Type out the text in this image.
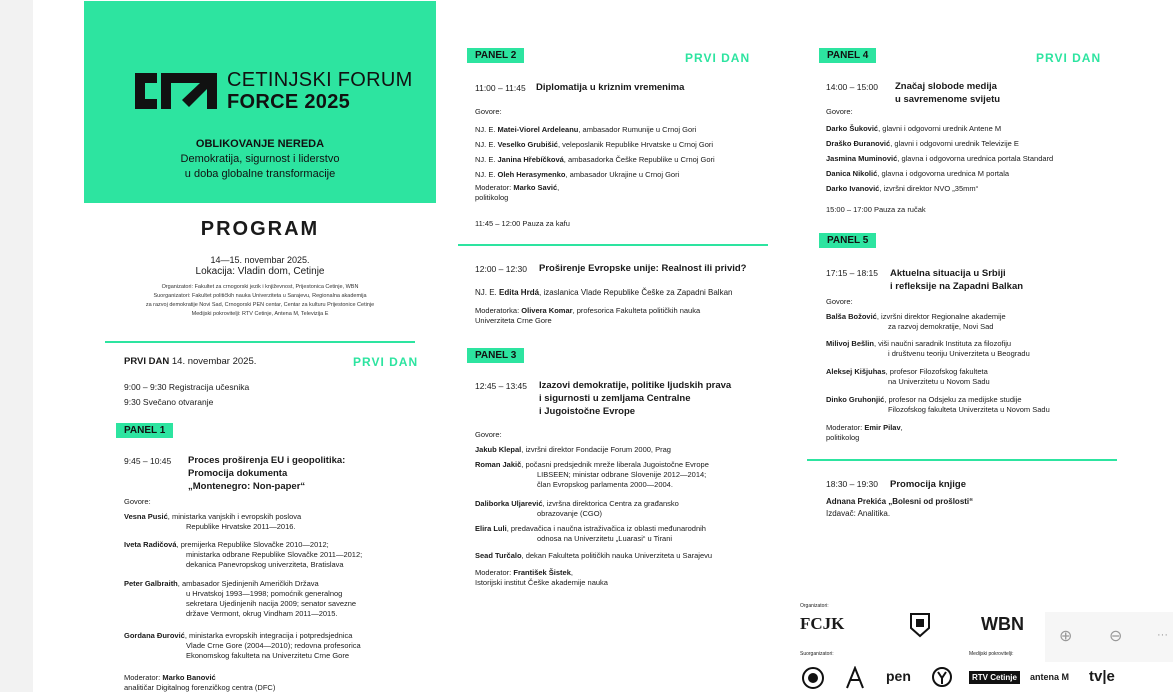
CETINJSKI FORUM
FORCE 2025
OBLIKOVANJE NEREDA
Demokratija, sigurnost i liderstvo
u doba globalne transformacije
PROGRAM
14—15. novembar 2025.
Lokacija: Vladin dom, Cetinje
Organizatori: Fakultet za crnogorski jezik i književnost, Prijestonica Cetinje, WBN
Suorganizatori: Fakultet političkih nauka Univerziteta u Sarajevu, Regionalna akademija
za razvoj demokratije Novi Sad, Crnogorski PEN centar, Centar za kulturu Prijestonice Cetinje
Medijski pokrovitelji: RTV Cetinje, Antena M, Televizija E
PRVI DAN 14. novembar 2025.	PRVI DAN
9:00 – 9:30 Registracija učesnika
9:30 Svečano otvaranje
PANEL 1
9:45 – 10:45 Proces proširenja EU i geopolitika:
Promocija dokumenta
„Montenegro: Non-paper“
Govore:
Vesna Pusić, ministarka vanjskih i evropskih poslova
Republike Hrvatske 2011—2016.
Iveta Radičová, premijerka Republike Slovačke 2010—2012;
ministarka odbrane Republike Slovačke 2011—2012;
dekanica Panevropskog univerziteta, Bratislava
Peter Galbraith, ambasador Sjedinjenih Američkih Država
u Hrvatskoj 1993—1998; pomoćnik generalnog
sekretara Ujedinjenih nacija 2009; senator savezne
države Vermont, okrug Vindham 2011—2015.
Gordana Đurović, ministarka evropskih integracija i potpredsjednica
Vlade Crne Gore (2004—2010); redovna profesorica
Ekonomskog fakulteta na Univerzitetu Crne Gore
Moderator: Marko Banović
analitičar Digitalnog forenzičkog centra (DFC)
PANEL 2	PRVI DAN
11:00 – 11:45 Diplomatija u kriznim vremenima
Govore:
NJ. E. Matei-Viorel Ardeleanu, ambasador Rumunije u Crnoj Gori
NJ. E. Veselko Grubišić, veleposlanik Republike Hrvatske u Crnoj Gori
NJ. E. Janina Hřebíčková, ambasadorka Češke Republike u Crnoj Gori
NJ. E. Oleh Herasymenko, ambasador Ukrajine u Crnoj Gori
Moderator: Marko Savić,
politikolog
11:45 – 12:00 Pauza za kafu
12:00 – 12:30 Proširenje Evropske unije: Realnost ili privid?
NJ. E. Edita Hrdá, izaslanica Vlade Republike Češke za Zapadni Balkan
Moderatorka: Olivera Komar, profesorica Fakulteta političkih nauka
Univerziteta Crne Gore
PANEL 3
12:45 – 13:45 Izazovi demokratije, politike ljudskih prava
i sigurnosti u zemljama Centralne
i Jugoistočne Evrope
Govore:
Jakub Klepal, izvršni direktor Fondacije Forum 2000, Prag
Roman Jakič, počasni predsjednik mreže liberala Jugoistočne Evrope
LIBSEEN; ministar odbrane Slovenije 2012—2014;
član Evropskog parlamenta 2000—2004.
Daliborka Uljarević, izvršna direktorica Centra za građansko
obrazovanje (CGO)
Elira Luli, predavačica i naučna istraživačica iz oblasti međunarodnih
odnosa na Univerzitetu „Luarasi“ u Tirani
Sead Turčalo, dekan Fakulteta političkih nauka Univerziteta u Sarajevu
Moderator: František Šistek,
Istorijski institut Češke akademije nauka
PANEL 4	PRVI DAN
14:00 – 15:00 Značaj slobode medija
u savremenome svijetu
Govore:
Darko Šuković, glavni i odgovorni urednik Antene M
Draško Đuranović, glavni i odgovorni urednik Televizije E
Jasmina Muminović, glavna i odgovorna urednica portala Standard
Danica Nikolić, glavna i odgovorna urednica M portala
Darko Ivanović, izvršni direktor NVO „35mm“
15:00 – 17:00 Pauza za ručak
PANEL 5
17:15 – 18:15 Aktuelna situacija u Srbiji
i refleksije na Zapadni Balkan
Govore:
Balša Božović, izvršni direktor Regionalne akademije
za razvoj demokratije, Novi Sad
Milivoj Bešlin, viši naučni saradnik Instituta za filozofiju
i društvenu teoriju Univerziteta u Beogradu
Aleksej Kišjuhas, profesor Filozofskog fakulteta
na Univerzitetu u Novom Sadu
Dinko Gruhonjić, profesor na Odsjeku za medijske studije
Filozofskog fakulteta Univerziteta u Novom Sadu
Moderator: Emir Pilav,
politikolog
18:30 – 19:30 Promocija knjige
Adnana Prekića „Bolesni od prošlosti“
Izdavač: Analitika.
Organizatori:
FCJK	WBN
Suorganizatori:	Medijski pokrovitelji:
pen	RTV Cetinje	antena M tv|e
⊕ ⊖	···
